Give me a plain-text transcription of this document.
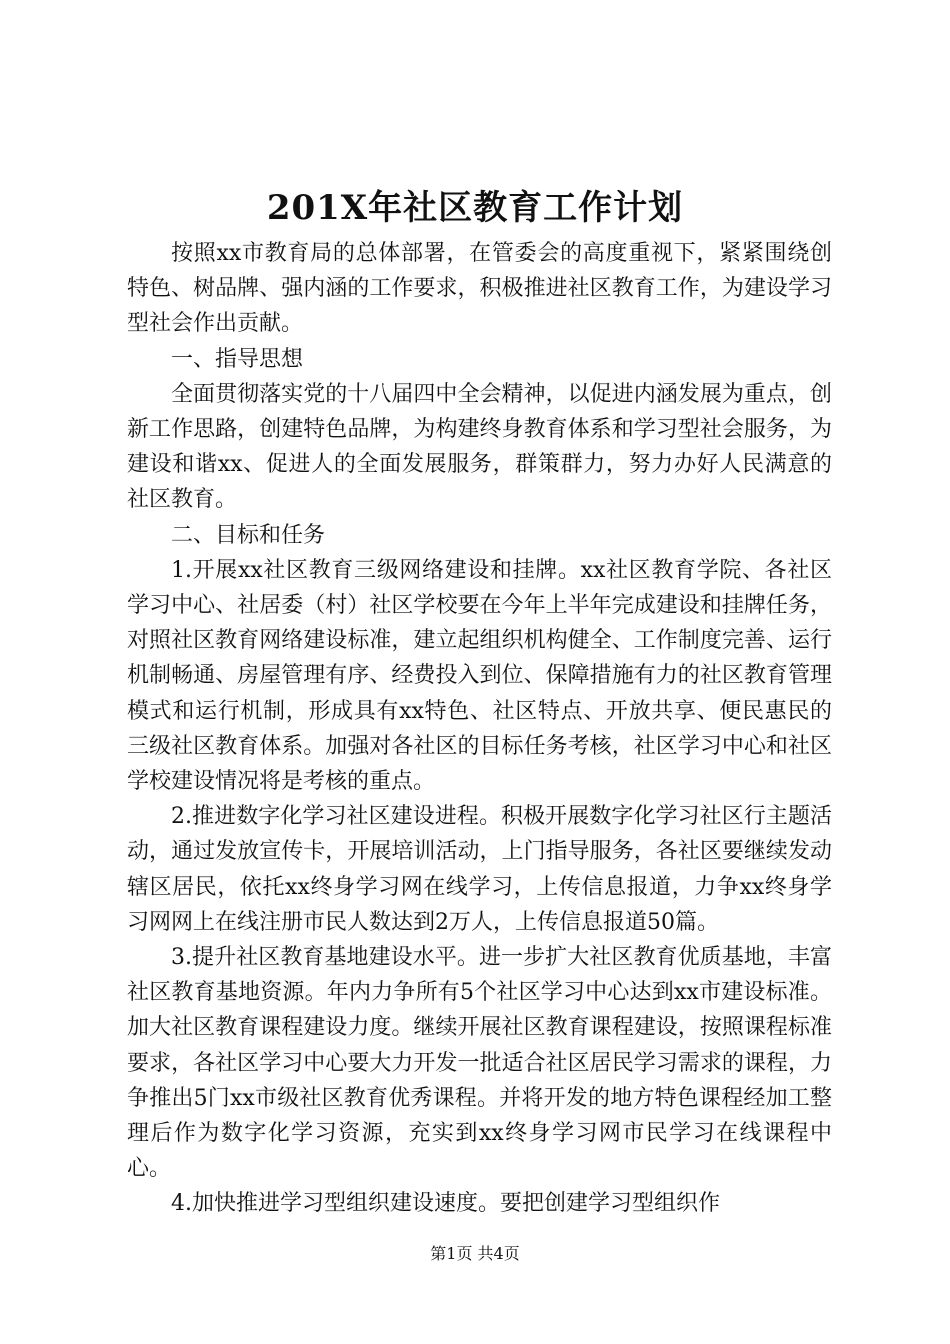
201X年社区教育工作计划

按照xx市教育局的总体部署，在管委会的高度重视下，紧紧围绕创特色、树品牌、强内涵的工作要求，积极推进社区教育工作，为建设学习型社会作出贡献。

一、指导思想

全面贯彻落实党的十八届四中全会精神，以促进内涵发展为重点，创新工作思路，创建特色品牌，为构建终身教育体系和学习型社会服务，为建设和谐xx、促进人的全面发展服务，群策群力，努力办好人民满意的社区教育。

二、目标和任务

1.开展xx社区教育三级网络建设和挂牌。xx社区教育学院、各社区学习中心、社居委（村）社区学校要在今年上半年完成建设和挂牌任务，对照社区教育网络建设标准，建立起组织机构健全、工作制度完善、运行机制畅通、房屋管理有序、经费投入到位、保障措施有力的社区教育管理模式和运行机制，形成具有xx特色、社区特点、开放共享、便民惠民的三级社区教育体系。加强对各社区的目标任务考核，社区学习中心和社区学校建设情况将是考核的重点。

2.推进数字化学习社区建设进程。积极开展数字化学习社区行主题活动，通过发放宣传卡，开展培训活动，上门指导服务，各社区要继续发动辖区居民，依托xx终身学习网在线学习，上传信息报道，力争xx终身学习网网上在线注册市民人数达到2万人，上传信息报道50篇。

3.提升社区教育基地建设水平。进一步扩大社区教育优质基地，丰富社区教育基地资源。年内力争所有5个社区学习中心达到xx市建设标准。加大社区教育课程建设力度。继续开展社区教育课程建设，按照课程标准要求，各社区学习中心要大力开发一批适合社区居民学习需求的课程，力争推出5门xx市级社区教育优秀课程。并将开发的地方特色课程经加工整理后作为数字化学习资源，充实到xx终身学习网市民学习在线课程中心。

4.加快推进学习型组织建设速度。要把创建学习型组织作

第1页 共4页
